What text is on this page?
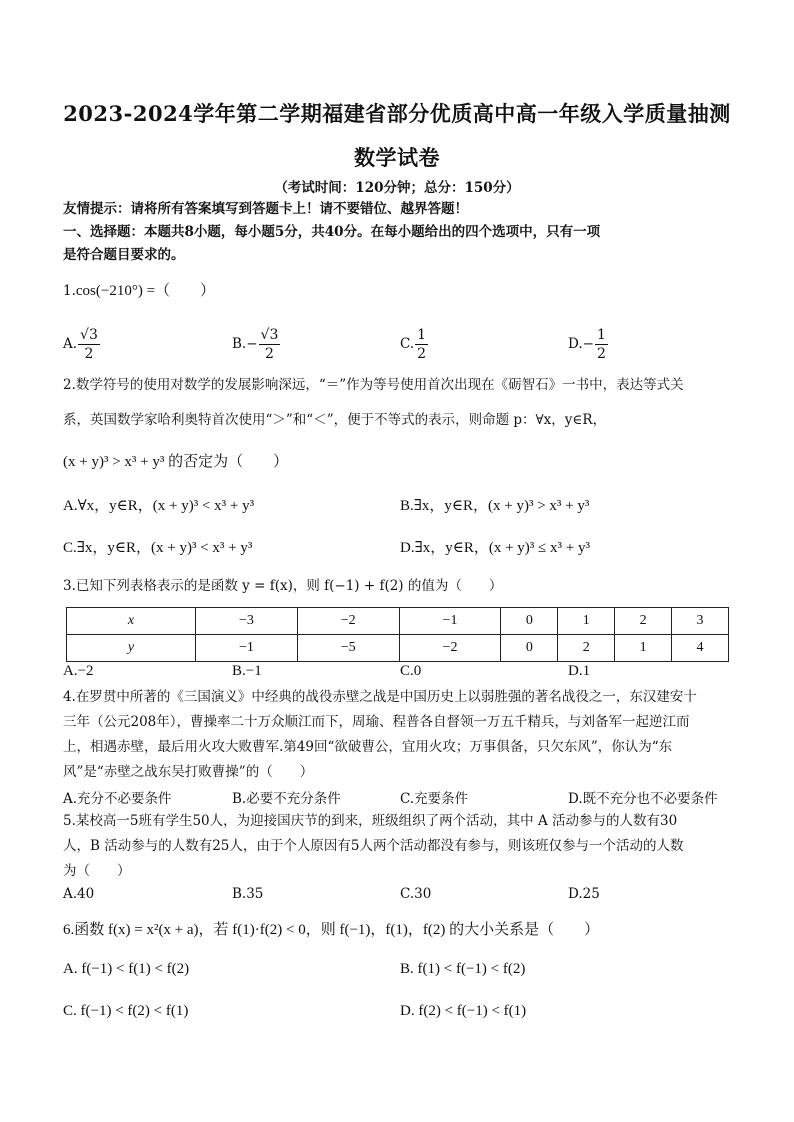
2023-2024学年第二学期福建省部分优质高中高一年级入学质量抽测
数学试卷
（考试时间：120分钟；总分：150分）
友情提示：请将所有答案填写到答题卡上！请不要错位、越界答题！
一、选择题：本题共8小题，每小题5分，共40分。在每小题给出的四个选项中，只有一项
是符合题目要求的。
1.cos(−210°) =（　　）
A. $\frac{√3}{2}$	$B.- \frac{√3}{2}$	C. $\frac{1}{2}$	$D.- \frac{1}{2}$
2.数学符号的使用对数学的发展影响深远，“＝”作为等号使用首次出现在《砺智石》一书中，表达等式关
系，英国数学家哈利奥特首次使用“＞”和“＜”，便于不等式的表示，则命题 p：∀x，y∈R，
(x + y)³ > x³ + y³ 的否定为（　　）
A.∀x，y∈R，(x + y)³ < x³ + y³	B.∃x，y∈R，(x + y)³ > x³ + y³
C.∃x，y∈R，(x + y)³ < x³ + y³	D.∃x，y∈R，(x + y)³ ≤ x³ + y³
3.已知下列表格表示的是函数 y = f(x)，则 f(−1) + f(2) 的值为（　　）
x	−3	−2	−1	0	1	2	3
y	−1	−5	−2	0	2	1	4
A.−2	B.−1	C.0	D.1
4.在罗贯中所著的《三国演义》中经典的战役赤壁之战是中国历史上以弱胜强的著名战役之一，东汉建安十
三年（公元208年），曹操率二十万众顺江而下，周瑜、程普各自督领一万五千精兵，与刘备军一起逆江而
上，相遇赤壁，最后用火攻大败曹军.第49回“欲破曹公，宜用火攻；万事俱备，只欠东风”，你认为“东
风”是“赤壁之战东吴打败曹操”的（　　）
A.充分不必要条件	B.必要不充分条件	C.充要条件	D.既不充分也不必要条件
5.某校高一5班有学生50人，为迎接国庆节的到来，班级组织了两个活动，其中 A 活动参与的人数有30
人，B 活动参与的人数有25人，由于个人原因有5人两个活动都没有参与，则该班仅参与一个活动的人数
为（　　）
A.40	B.35	C.30	D.25
6.函数 f(x) = x²(x + a)，若 f(1)·f(2) < 0，则 f(−1)，f(1)，f(2) 的大小关系是（　　）
A. f(−1) < f(1) < f(2)	B. f(1) < f(−1) < f(2)
C. f(−1) < f(2) < f(1)	D. f(2) < f(−1) < f(1)
